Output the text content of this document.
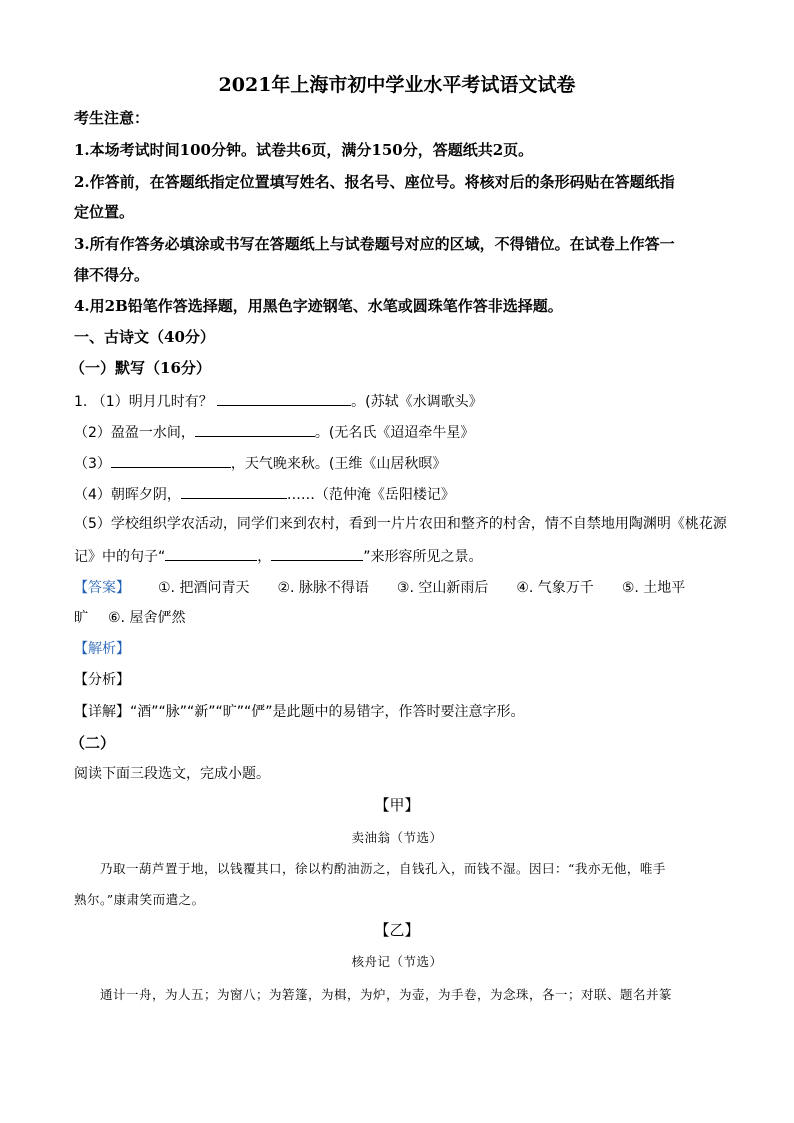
2021年上海市初中学业水平考试语文试卷
考生注意：
1.本场考试时间100分钟。试卷共6页，满分150分，答题纸共2页。
2.作答前，在答题纸指定位置填写姓名、报名号、座位号。将核对后的条形码贴在答题纸指
定位置。
3.所有作答务必填涂或书写在答题纸上与试卷题号对应的区域，不得错位。在试卷上作答一
律不得分。
4.用2B铅笔作答选择题，用黑色字迹钢笔、水笔或圆珠笔作答非选择题。
一、古诗文（40分）
（一）默写（16分）
1. （1）明月几时有？	。(苏轼《水调歌头》
（2）盈盈一水间，	。(无名氏《迢迢牵牛星》
（3）	，天气晚来秋。(王维《山居秋暝》
（4）朝晖夕阴，	……（范仲淹《岳阳楼记》
（5）学校组织学农活动，同学们来到农村，看到一片片农田和整齐的村舍，情不自禁地用陶渊明《桃花源
记》中的句子“	，	”来形容所见之景。
【答案】 ①. 把酒问青天 ②. 脉脉不得语 ③. 空山新雨后 ④. 气象万千 ⑤. 土地平
旷 ⑥. 屋舍俨然
【解析】
【分析】
【详解】“酒”“脉”“新”“旷”“俨”是此题中的易错字，作答时要注意字形。
（二）
阅读下面三段选文，完成小题。
【甲】
卖油翁（节选）
乃取一葫芦置于地，以钱覆其口，徐以杓酌油沥之，自钱孔入，而钱不湿。因曰：“我亦无他，唯手
熟尔。”康肃笑而遣之。
【乙】
核舟记（节选）
通计一舟，为人五；为窗八；为箬篷，为楫，为炉，为壶，为手卷，为念珠，各一；对联、题名并篆
